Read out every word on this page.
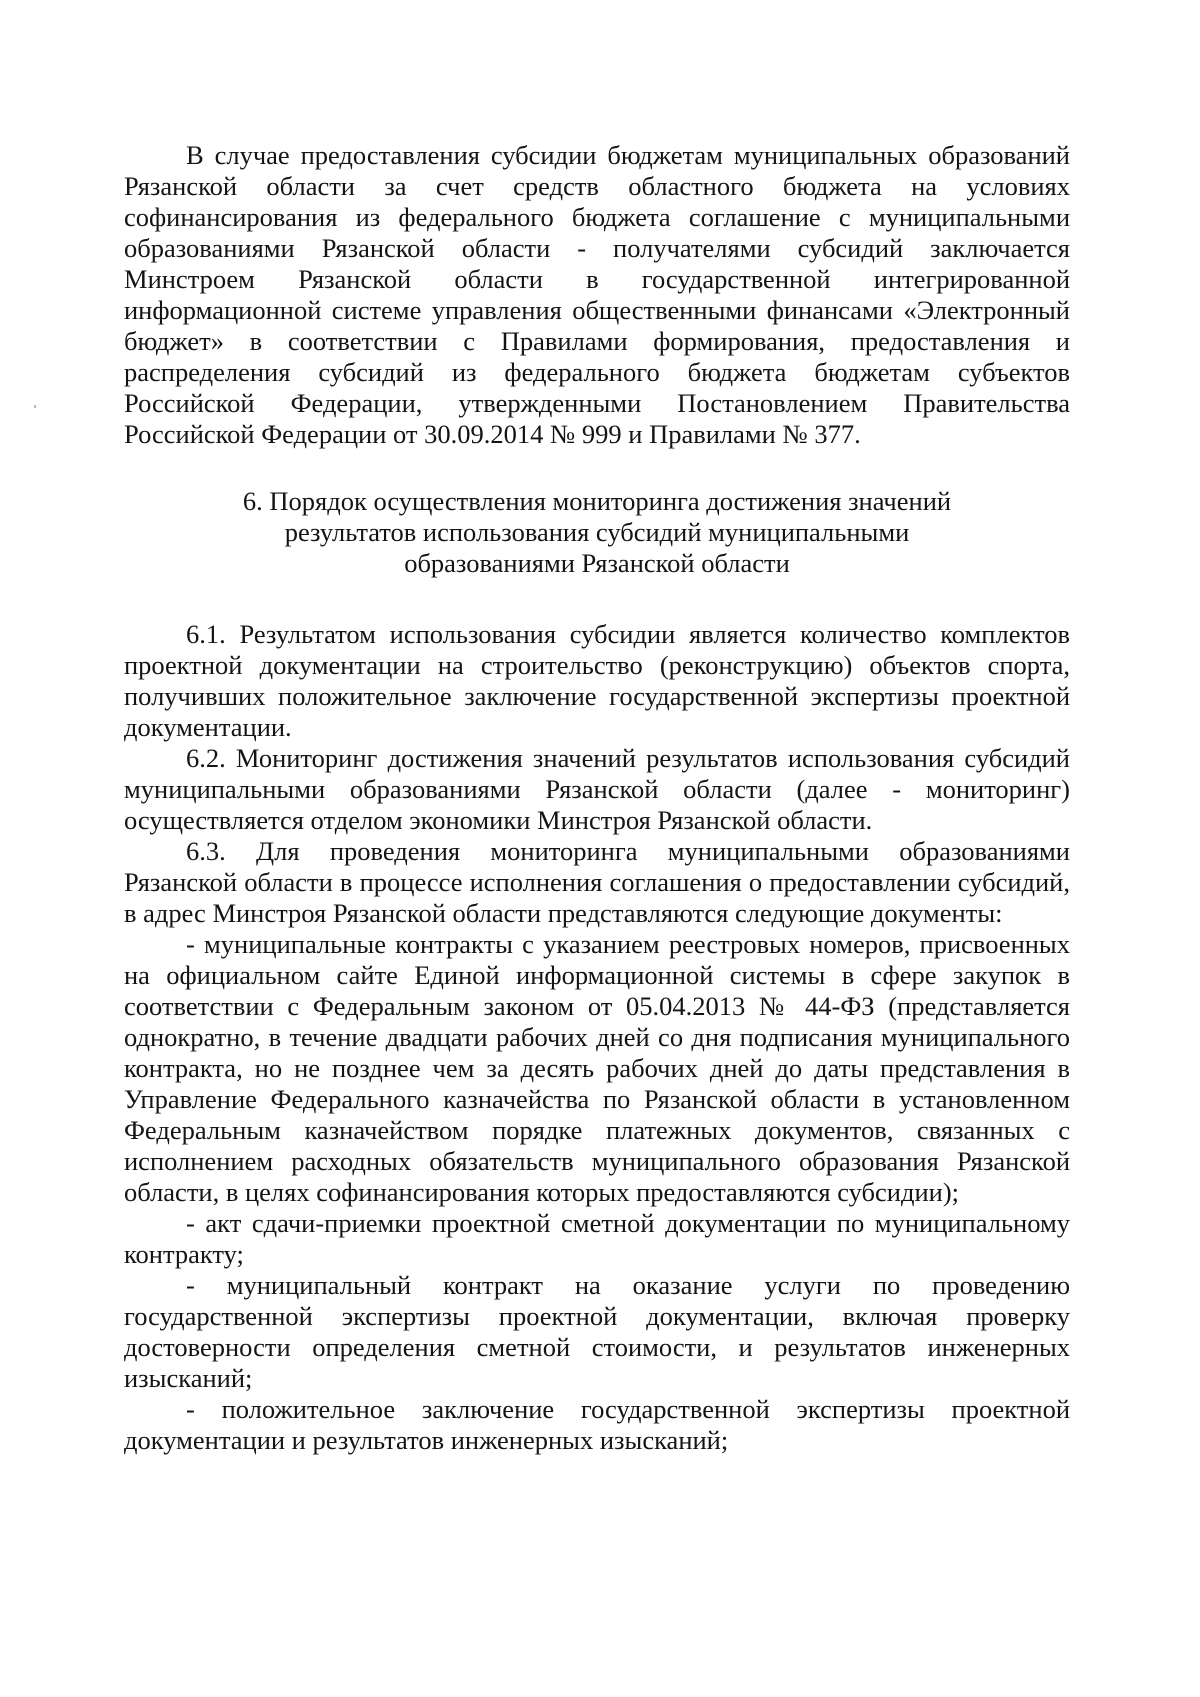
В случае предоставления субсидии бюджетам муниципальных образований Рязанской области за счет средств областного бюджета на условиях софинансирования из федерального бюджета соглашение с муниципальными образованиями Рязанской области - получателями субсидий заключается Минстроем Рязанской области в государственной интегрированной информационной системе управления общественными финансами «Электронный бюджет» в соответствии с Правилами формирования, предоставления и распределения субсидий из федерального бюджета бюджетам субъектов Российской Федерации, утвержденными Постановлением Правительства Российской Федерации от 30.09.2014 № 999 и Правилами № 377.

6. Порядок осуществления мониторинга достижения значений
результатов использования субсидий муниципальными
образованиями Рязанской области

6.1. Результатом использования субсидии является количество комплектов проектной документации на строительство (реконструкцию) объектов спорта, получивших положительное заключение государственной экспертизы проектной документации.

6.2. Мониторинг достижения значений результатов использования субсидий муниципальными образованиями Рязанской области (далее - мониторинг) осуществляется отделом экономики Минстроя Рязанской области.

6.3. Для проведения мониторинга муниципальными образованиями Рязанской области в процессе исполнения соглашения о предоставлении субсидий, в адрес Минстроя Рязанской области представляются следующие документы:

- муниципальные контракты с указанием реестровых номеров, присвоенных на официальном сайте Единой информационной системы в сфере закупок в соответствии с Федеральным законом от 05.04.2013 № 44-ФЗ (представляется однократно, в течение двадцати рабочих дней со дня подписания муниципального контракта, но не позднее чем за десять рабочих дней до даты представления в Управление Федерального казначейства по Рязанской области в установленном Федеральным казначейством порядке платежных документов, связанных с исполнением расходных обязательств муниципального образования Рязанской области, в целях софинансирования которых предоставляются субсидии);

- акт сдачи-приемки проектной сметной документации по муниципальному контракту;

- муниципальный контракт на оказание услуги по проведению государственной экспертизы проектной документации, включая проверку достоверности определения сметной стоимости, и результатов инженерных изысканий;

- положительное заключение государственной экспертизы проектной документации и результатов инженерных изысканий;
